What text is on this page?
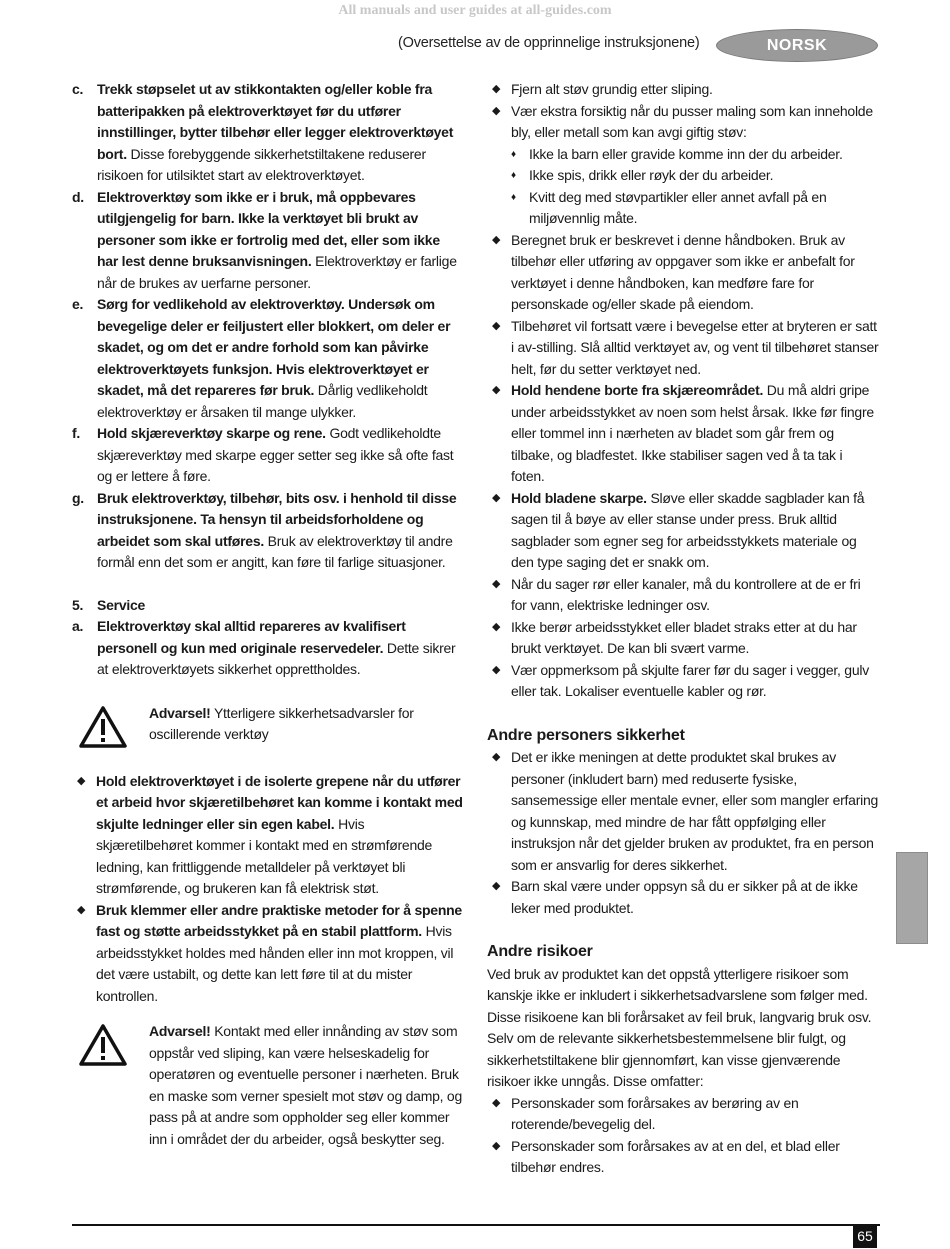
All manuals and user guides at all-guides.com
(Oversettelse av de opprinnelige instruksjonene)	NORSK
c. Trekk støpselet ut av stikkontakten og/eller koble fra batteripakken på elektroverktøyet før du utfører innstillinger, bytter tilbehør eller legger elektroverktøyet bort. Disse forebyggende sikkerhetstiltakene reduserer risikoen for utilsiktet start av elektroverktøyet.

d. Elektroverktøy som ikke er i bruk, må oppbevares utilgjengelig for barn. Ikke la verktøyet bli brukt av personer som ikke er fortrolig med det, eller som ikke har lest denne bruksanvisningen. Elektroverktøy er farlige når de brukes av uerfarne personer.

e. Sørg for vedlikehold av elektroverktøy. Undersøk om bevegelige deler er feiljustert eller blokkert, om deler er skadet, og om det er andre forhold som kan påvirke elektroverktøyets funksjon. Hvis elektroverktøyet er skadet, må det repareres før bruk. Dårlig vedlikeholdt elektroverktøy er årsaken til mange ulykker.

f. Hold skjæreverktøy skarpe og rene. Godt vedlikeholdte skjæreverktøy med skarpe egger setter seg ikke så ofte fast og er lettere å føre.

g. Bruk elektroverktøy, tilbehør, bits osv. i henhold til disse instruksjonene. Ta hensyn til arbeidsforholdene og arbeidet som skal utføres. Bruk av elektroverktøy til andre formål enn det som er angitt, kan føre til farlige situasjoner.

5. Service

a. Elektroverktøy skal alltid repareres av kvalifisert personell og kun med originale reservedeler. Dette sikrer at elektroverktøyets sikkerhet opprettholdes.

Advarsel! Ytterligere sikkerhetsadvarsler for oscillerende verktøy

◆ Hold elektroverktøyet i de isolerte grepene når du utfører et arbeid hvor skjæretilbehøret kan komme i kontakt med skjulte ledninger eller sin egen kabel. Hvis skjæretilbehøret kommer i kontakt med en strømførende ledning, kan frittliggende metalldeler på verktøyet bli strømførende, og brukeren kan få elektrisk støt.

◆ Bruk klemmer eller andre praktiske metoder for å spenne fast og støtte arbeidsstykket på en stabil plattform. Hvis arbeidsstykket holdes med hånden eller inn mot kroppen, vil det være ustabilt, og dette kan lett føre til at du mister kontrollen.

Advarsel! Kontakt med eller innånding av støv som oppstår ved sliping, kan være helseskadelig for operatøren og eventuelle personer i nærheten. Bruk en maske som verner spesielt mot støv og damp, og pass på at andre som oppholder seg eller kommer inn i området der du arbeider, også beskytter seg.

◆ Fjern alt støv grundig etter sliping.

◆ Vær ekstra forsiktig når du pusser maling som kan inneholde bly, eller metall som kan avgi giftig støv:

♦ Ikke la barn eller gravide komme inn der du arbeider.

♦ Ikke spis, drikk eller røyk der du arbeider.

♦ Kvitt deg med støvpartikler eller annet avfall på en miljøvennlig måte.

◆ Beregnet bruk er beskrevet i denne håndboken. Bruk av tilbehør eller utføring av oppgaver som ikke er anbefalt for verktøyet i denne håndboken, kan medføre fare for personskade og/eller skade på eiendom.

◆ Tilbehøret vil fortsatt være i bevegelse etter at bryteren er satt i av-stilling. Slå alltid verktøyet av, og vent til tilbehøret stanser helt, før du setter verktøyet ned.

◆ Hold hendene borte fra skjæreområdet. Du må aldri gripe under arbeidsstykket av noen som helst årsak. Ikke før fingre eller tommel inn i nærheten av bladet som går frem og tilbake, og bladfestet. Ikke stabiliser sagen ved å ta tak i foten.

◆ Hold bladene skarpe. Sløve eller skadde sagblader kan få sagen til å bøye av eller stanse under press. Bruk alltid sagblader som egner seg for arbeidsstykkets materiale og den type saging det er snakk om.

◆ Når du sager rør eller kanaler, må du kontrollere at de er fri for vann, elektriske ledninger osv.

◆ Ikke berør arbeidsstykket eller bladet straks etter at du har brukt verktøyet. De kan bli svært varme.

◆ Vær oppmerksom på skjulte farer før du sager i vegger, gulv eller tak. Lokaliser eventuelle kabler og rør.

Andre personers sikkerhet
◆ Det er ikke meningen at dette produktet skal brukes av personer (inkludert barn) med reduserte fysiske, sansemessige eller mentale evner, eller som mangler erfaring og kunnskap, med mindre de har fått oppfølging eller instruksjon når det gjelder bruken av produktet, fra en person som er ansvarlig for deres sikkerhet.

◆ Barn skal være under oppsyn så du er sikker på at de ikke leker med produktet.

Andre risikoer

Ved bruk av produktet kan det oppstå ytterligere risikoer som kanskje ikke er inkludert i sikkerhetsadvarslene som følger med. Disse risikoene kan bli forårsaket av feil bruk, langvarig bruk osv.

Selv om de relevante sikkerhetsbestemmelsene blir fulgt, og sikkerhetstiltakene blir gjennomført, kan visse gjenværende risikoer ikke unngås. Disse omfatter:

◆ Personskader som forårsakes av berøring av en roterende/bevegelig del.

◆ Personskader som forårsakes av at en del, et blad eller tilbehør endres.

65
